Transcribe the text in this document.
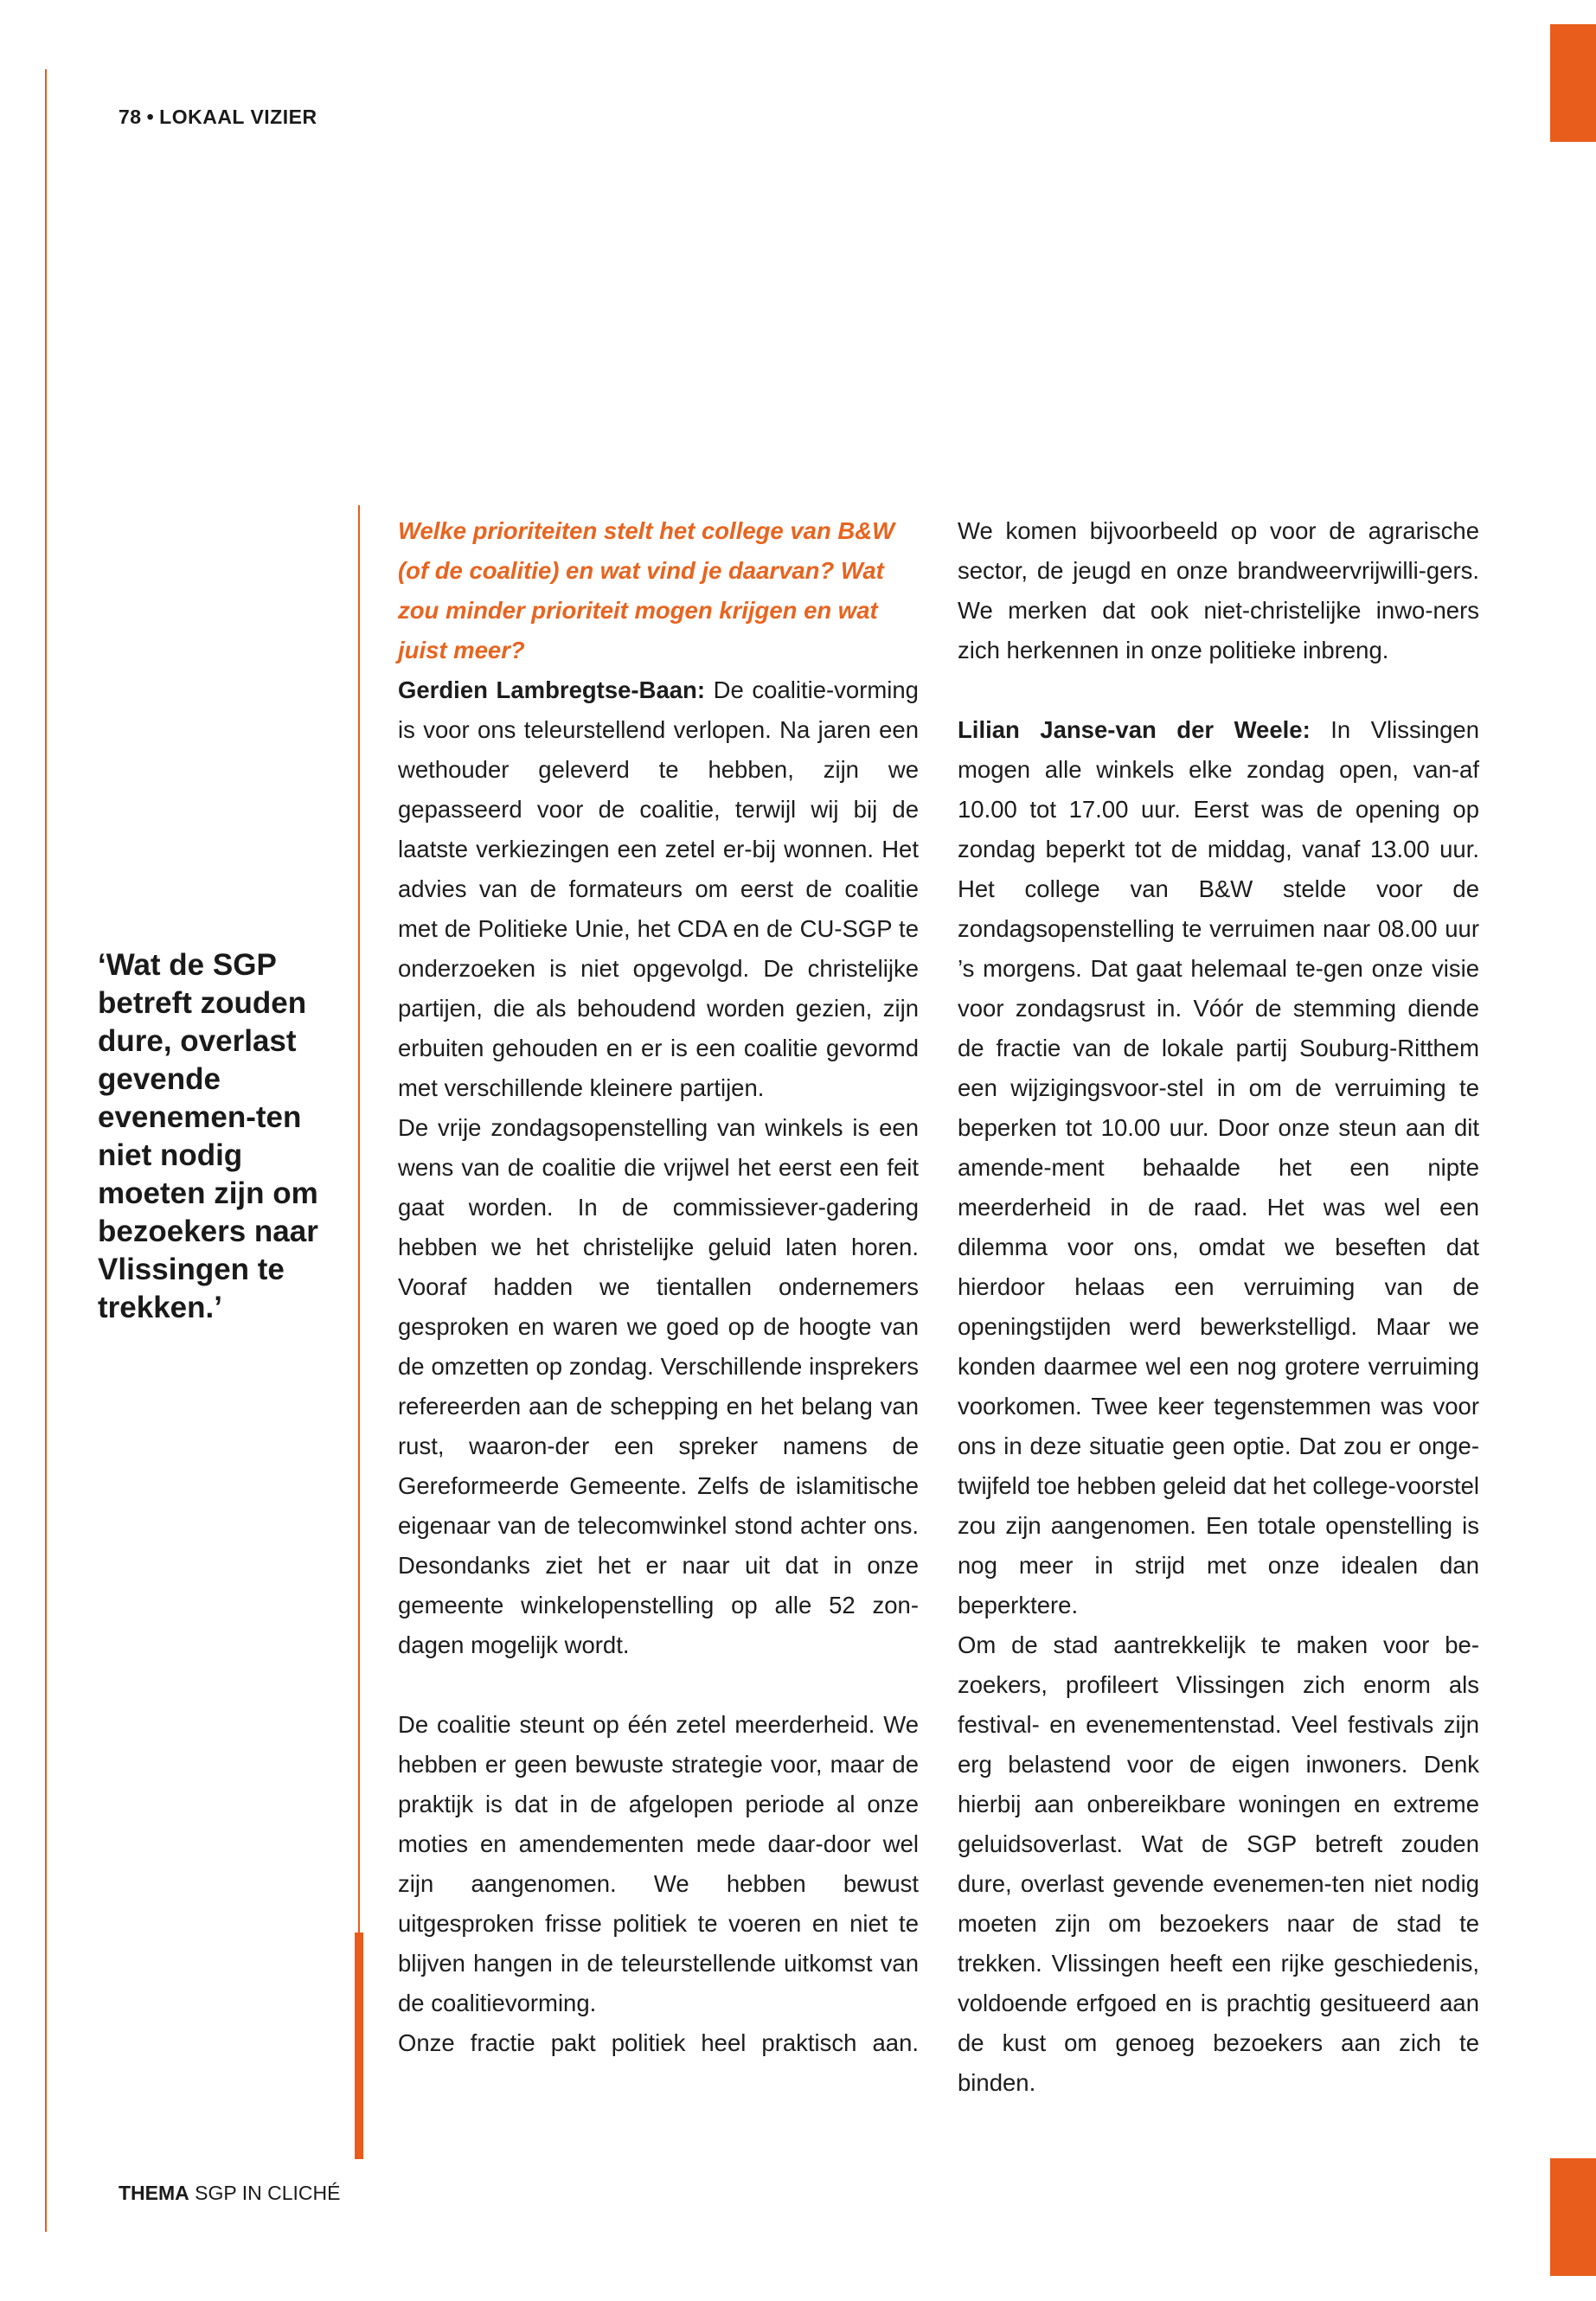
78 • LOKAAL VIZIER
‘Wat de SGP betreft zouden dure, overlast gevende evenemen-ten niet nodig moeten zijn om bezoekers naar Vlissingen te trekken.’

Welke prioriteiten stelt het college van B&W (of de coalitie) en wat vind je daarvan? Wat zou minder prioriteit mogen krijgen en wat juist meer?

Gerdien Lambregtse-Baan: De coalitie-vorming is voor ons teleurstellend verlopen. Na jaren een wethouder geleverd te hebben, zijn we gepasseerd voor de coalitie, terwijl wij bij de laatste verkiezingen een zetel er-bij wonnen. Het advies van de formateurs om eerst de coalitie met de Politieke Unie, het CDA en de CU-SGP te onderzoeken is niet opgevolgd. De christelijke partijen, die als behoudend worden gezien, zijn erbuiten gehouden en er is een coalitie gevormd met verschillende kleinere partijen.

De vrije zondagsopenstelling van winkels is een wens van de coalitie die vrijwel het eerst een feit gaat worden. In de commissiever-gadering hebben we het christelijke geluid laten horen. Vooraf hadden we tientallen ondernemers gesproken en waren we goed op de hoogte van de omzetten op zondag. Verschillende insprekers refereerden aan de schepping en het belang van rust, waaron-der een spreker namens de Gereformeerde Gemeente. Zelfs de islamitische eigenaar van de telecomwinkel stond achter ons. Desondanks ziet het er naar uit dat in onze gemeente winkelopenstelling op alle 52 zon-dagen mogelijk wordt.

De coalitie steunt op één zetel meerderheid. We hebben er geen bewuste strategie voor, maar de praktijk is dat in de afgelopen periode al onze moties en amendementen mede daar-door wel zijn aangenomen. We hebben bewust uitgesproken frisse politiek te voeren en niet te blijven hangen in de teleurstellende uitkomst van de coalitievorming.

Onze fractie pakt politiek heel praktisch aan.

We komen bijvoorbeeld op voor de agrarische sector, de jeugd en onze brandweervrijwilli-gers. We merken dat ook niet-christelijke inwo-ners zich herkennen in onze politieke inbreng.

Lilian Janse-van der Weele: In Vlissingen mogen alle winkels elke zondag open, van-af 10.00 tot 17.00 uur. Eerst was de opening op zondag beperkt tot de middag, vanaf 13.00 uur. Het college van B&W stelde voor de zondagsopenstelling te verruimen naar 08.00 uur ’s morgens. Dat gaat helemaal te-gen onze visie voor zondagsrust in. Vóór de stemming diende de fractie van de lokale partij Souburg-Ritthem een wijzigingsvoor-stel in om de verruiming te beperken tot 10.00 uur. Door onze steun aan dit amende-ment behaalde het een nipte meerderheid in de raad. Het was wel een dilemma voor ons, omdat we beseften dat hierdoor helaas een verruiming van de openingstijden werd bewerkstelligd. Maar we konden daarmee wel een nog grotere verruiming voorkomen. Twee keer tegenstemmen was voor ons in deze situatie geen optie. Dat zou er onge-twijfeld toe hebben geleid dat het college-voorstel zou zijn aangenomen. Een totale openstelling is nog meer in strijd met onze idealen dan beperktere.

Om de stad aantrekkelijk te maken voor be-zoekers, profileert Vlissingen zich enorm als festival- en evenementenstad. Veel festivals zijn erg belastend voor de eigen inwoners. Denk hierbij aan onbereikbare woningen en extreme geluidsoverlast. Wat de SGP betreft zouden dure, overlast gevende evenemen-ten niet nodig moeten zijn om bezoekers naar de stad te trekken. Vlissingen heeft een rijke geschiedenis, voldoende erfgoed en is prachtig gesitueerd aan de kust om genoeg bezoekers aan zich te binden.

THEMA SGP IN CLICHÉ
